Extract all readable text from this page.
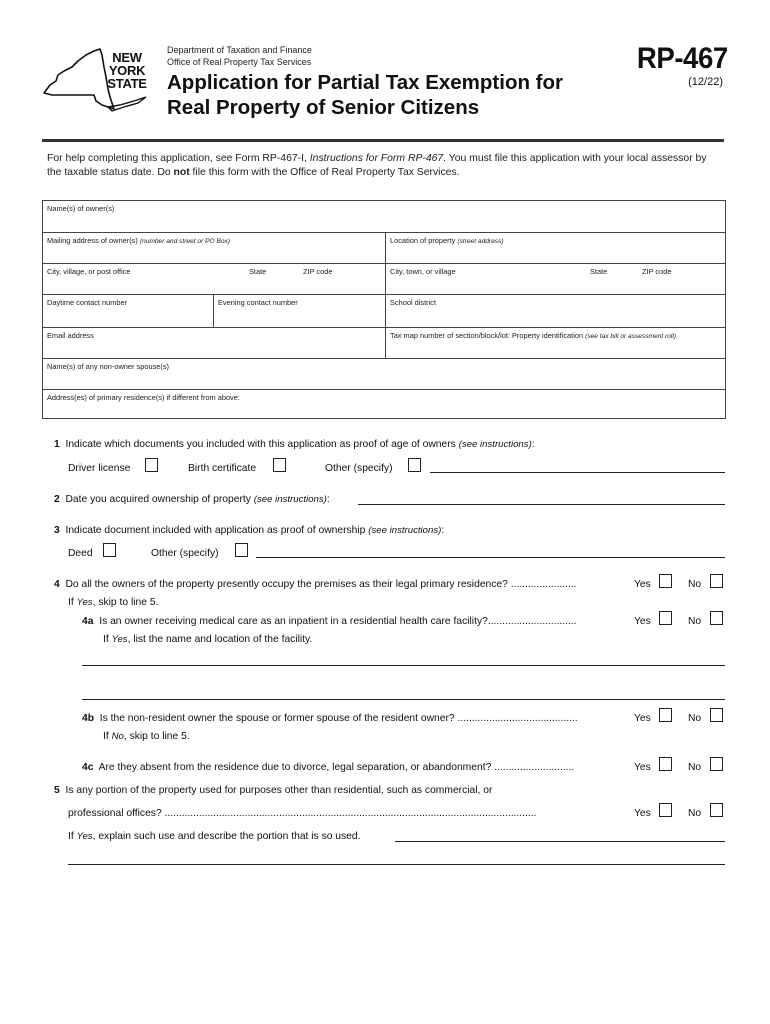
NEW
YORK
STATE
Department of Taxation and Finance
Office of Real Property Tax Services
Application for Partial Tax Exemption for
Real Property of Senior Citizens
RP-467
(12/22)
For help completing this application, see Form RP-467-I, Instructions for Form RP-467. You must file this application with your local assessor by the taxable status date. Do not file this form with the Office of Real Property Tax Services.
Name(s) of owner(s)
Mailing address of owner(s) (number and street or PO Box)	Location of property (street address)
City, village, or post office	State	ZIP code	City, town, or village	State	ZIP code
Daytime contact number	Evening contact number	School district
Email address	Tax map number of section/block/lot: Property identification (see tax bill or assessment roll)
Name(s) of any non-owner spouse(s)
Address(es) of primary residence(s) if different from above:
1 Indicate which documents you included with this application as proof of age of owners (see instructions):
Driver license	Birth certificate	Other (specify)
2 Date you acquired ownership of property (see instructions):
3 Indicate document included with application as proof of ownership (see instructions):
Deed	Other (specify)
4 Do all the owners of the property presently occupy the premises as their legal primary residence? .......................	Yes	No
If Yes, skip to line 5.
4a Is an owner receiving medical care as an inpatient in a residential health care facility?...............................	Yes	No
If Yes, list the name and location of the facility.
4b Is the non-resident owner the spouse or former spouse of the resident owner? ..........................................	Yes	No
If No, skip to line 5.
4c Are they absent from the residence due to divorce, legal separation, or abandonment? ............................	Yes	No
5 Is any portion of the property used for purposes other than residential, such as commercial, or
professional offices? ..................................................................................................................................	Yes	No
If Yes, explain such use and describe the portion that is so used.
